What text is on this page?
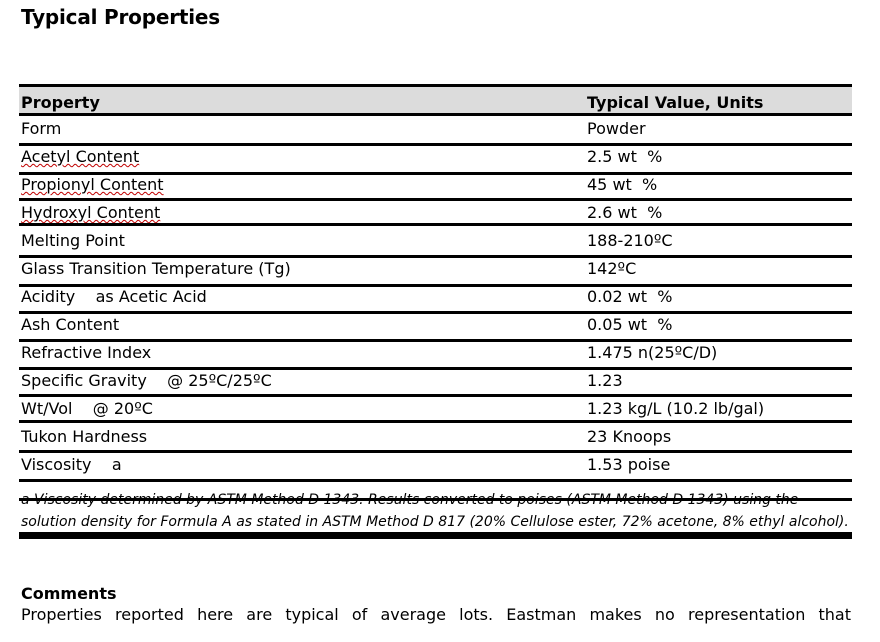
Typical Properties
Property	Typical Value, Units
Form	Powder
Acetyl Content	2.5 wt  %
Propionyl Content	45 wt  %
Hydroxyl Content	2.6 wt  %
Melting Point	188-210ºC
Glass Transition Temperature (Tg)	142ºC
Acidity    as Acetic Acid	0.02 wt  %
Ash Content	0.05 wt  %
Refractive Index	1.475 n(25ºC/D)
Specific Gravity    @ 25ºC/25ºC	1.23
Wt/Vol    @ 20ºC	1.23 kg/L (10.2 lb/gal)
Tukon Hardness	23 Knoops
Viscosity    a	1.53 poise
a Viscosity determined by ASTM Method D 1343. Results converted to poises (ASTM Method D 1343) using the solution density for Formula A as stated in ASTM Method D 817 (20% Cellulose ester, 72% acetone, 8% ethyl alcohol).
Comments
Properties reported here are typical of average lots. Eastman makes no representation that
